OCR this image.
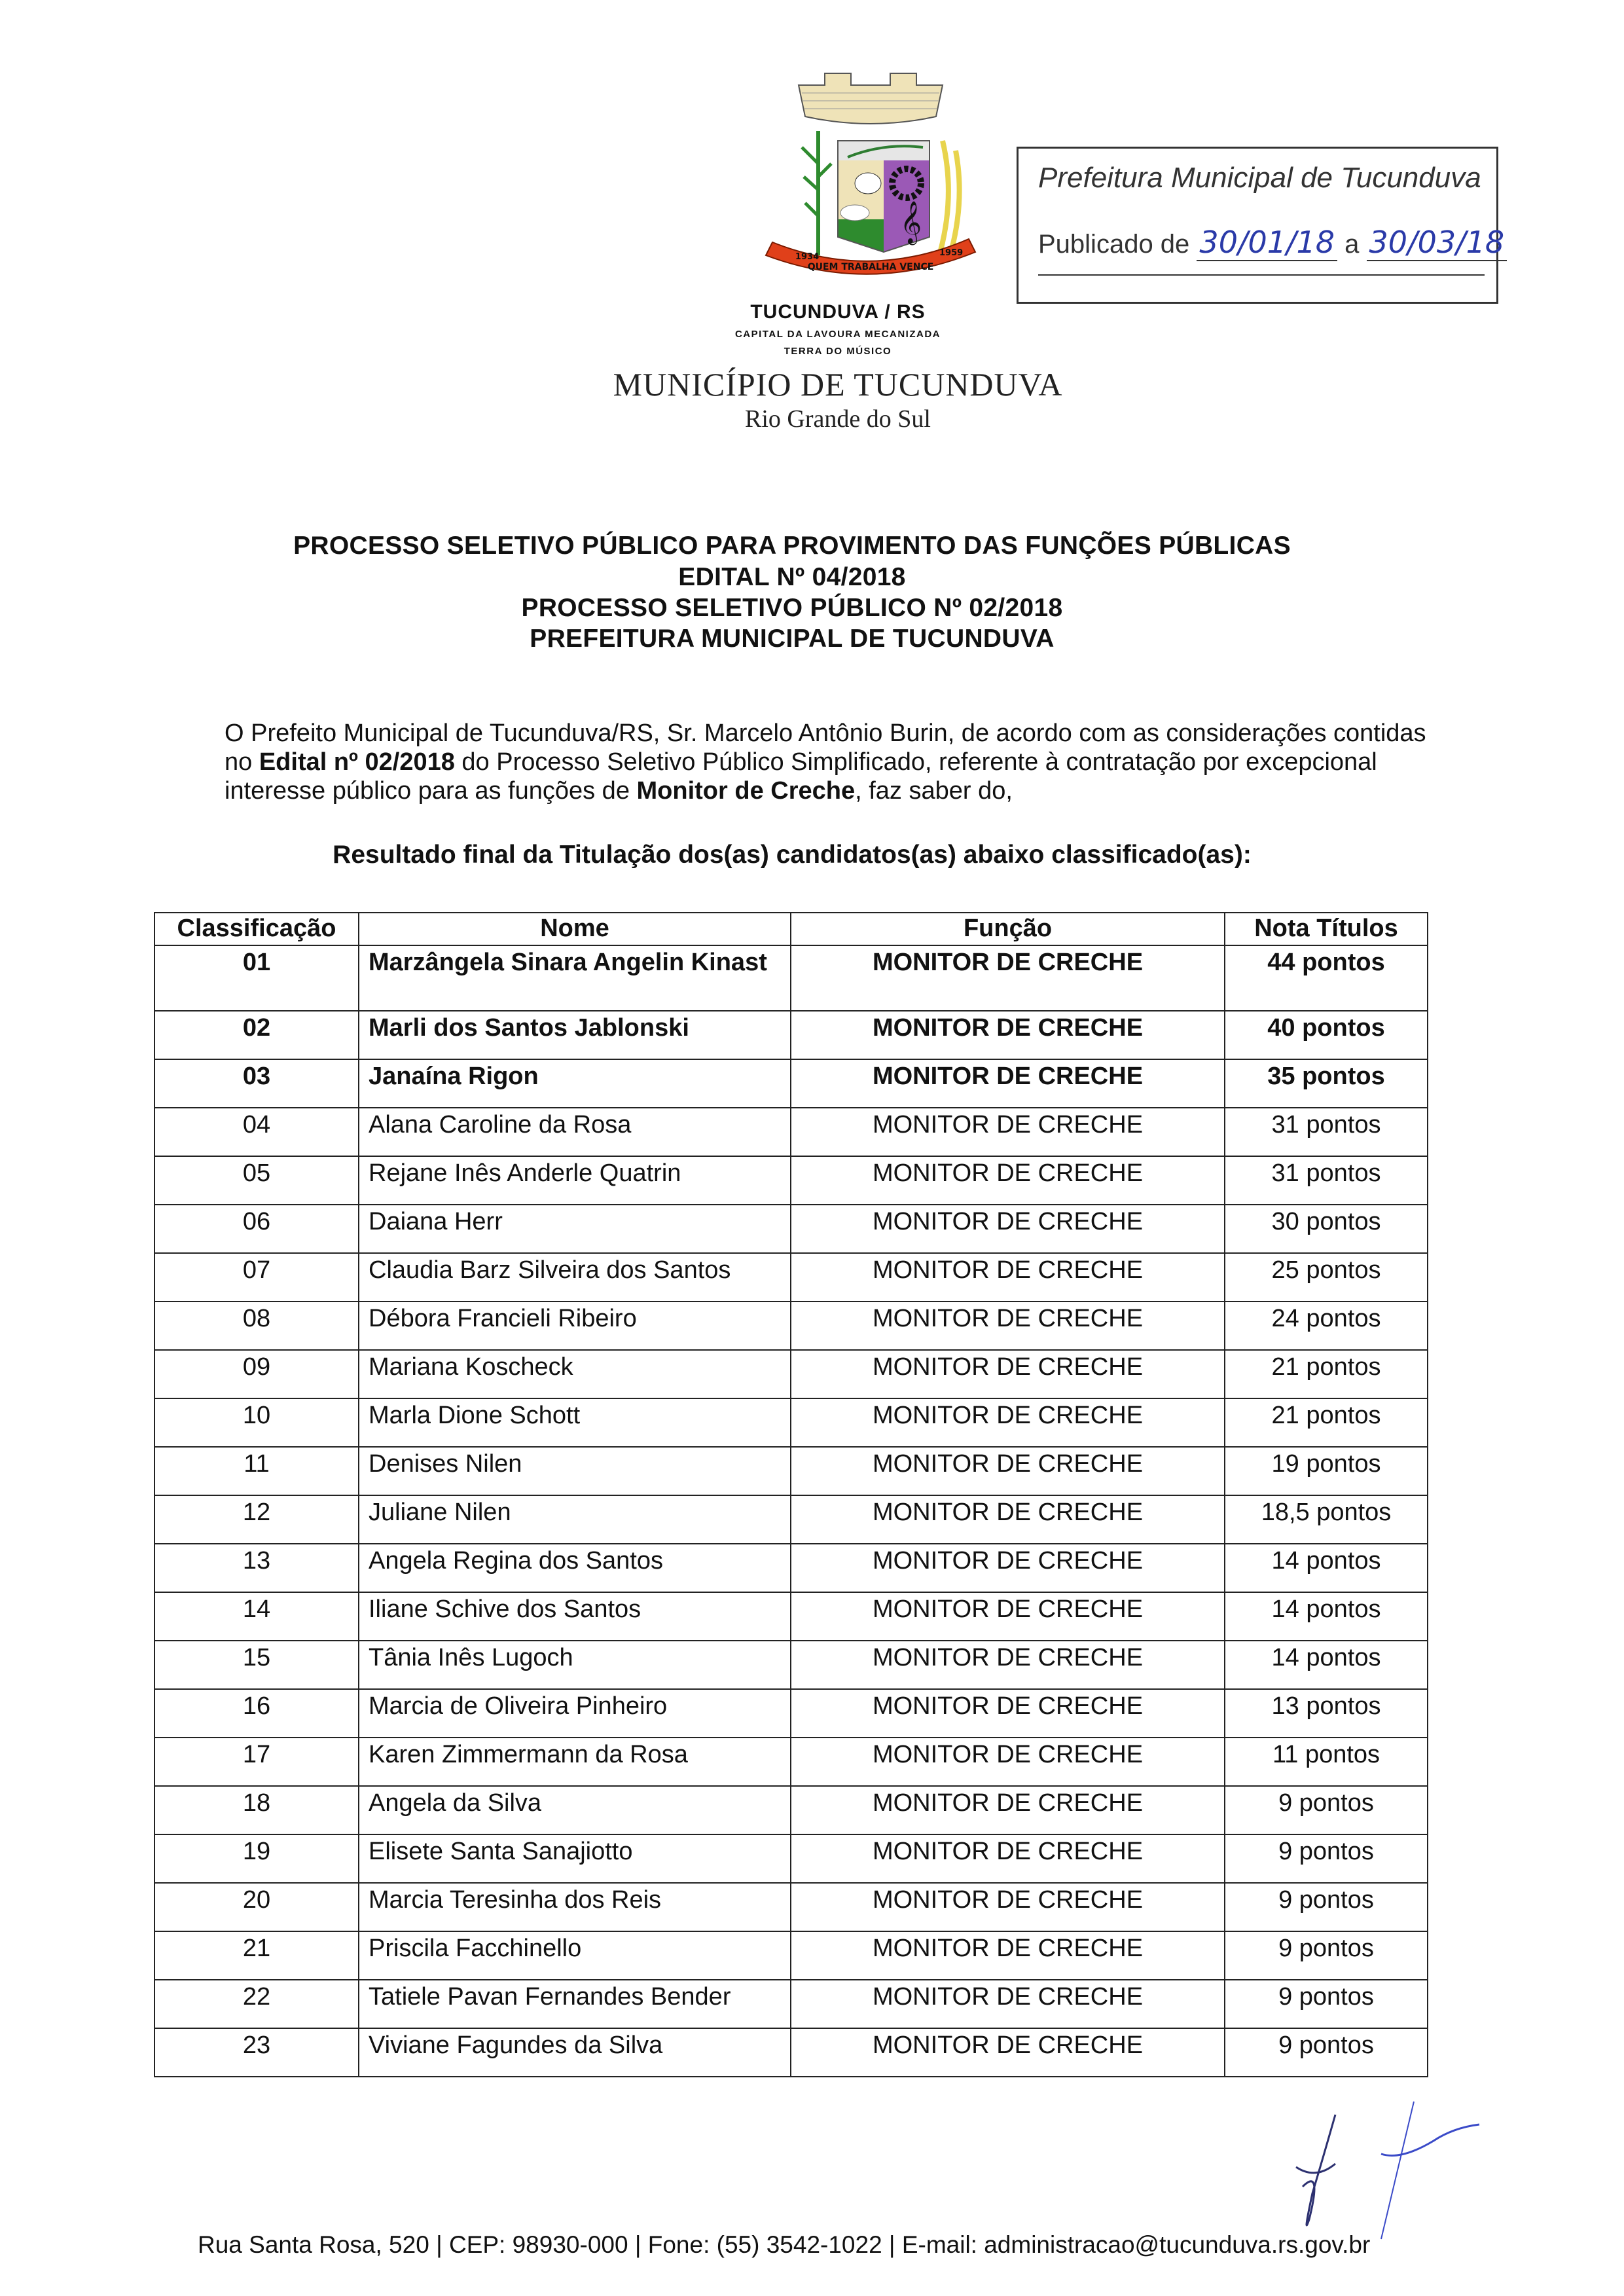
𝄞
QUEM TRABALHA VENCE
1934	1959
TUCUNDUVA / RS
CAPITAL DA LAVOURA MECANIZADA
TERRA DO MÚSICO
MUNICÍPIO DE TUCUNDUVA
Rio Grande do Sul
Prefeitura Municipal de Tucunduva
Publicado de 30/01/18 a 30/03/18
PROCESSO SELETIVO PÚBLICO PARA PROVIMENTO DAS FUNÇÕES PÚBLICAS
EDITAL Nº 04/2018
PROCESSO SELETIVO PÚBLICO Nº 02/2018
PREFEITURA MUNICIPAL DE TUCUNDUVA
O Prefeito Municipal de Tucunduva/RS, Sr. Marcelo Antônio Burin, de acordo com as considerações contidas no Edital nº 02/2018 do Processo Seletivo Público Simplificado, referente à contratação por excepcional interesse público para as funções de Monitor de Creche, faz saber do,
Resultado final da Titulação dos(as) candidatos(as) abaixo classificado(as):
Classificação	Nome	Função	Nota Títulos
01	Marzângela Sinara Angelin Kinast	MONITOR DE CRECHE	44 pontos
02	Marli dos Santos Jablonski	MONITOR DE CRECHE	40 pontos
03	Janaína Rigon	MONITOR DE CRECHE	35 pontos
04	Alana Caroline da Rosa	MONITOR DE CRECHE	31 pontos
05	Rejane Inês Anderle Quatrin	MONITOR DE CRECHE	31 pontos
06	Daiana Herr	MONITOR DE CRECHE	30 pontos
07	Claudia Barz Silveira dos Santos	MONITOR DE CRECHE	25 pontos
08	Débora Francieli Ribeiro	MONITOR DE CRECHE	24 pontos
09	Mariana Koscheck	MONITOR DE CRECHE	21 pontos
10	Marla Dione Schott	MONITOR DE CRECHE	21 pontos
11	Denises Nilen	MONITOR DE CRECHE	19 pontos
12	Juliane Nilen	MONITOR DE CRECHE	18,5 pontos
13	Angela Regina dos Santos	MONITOR DE CRECHE	14 pontos
14	Iliane Schive dos Santos	MONITOR DE CRECHE	14 pontos
15	Tânia Inês Lugoch	MONITOR DE CRECHE	14 pontos
16	Marcia de Oliveira Pinheiro	MONITOR DE CRECHE	13 pontos
17	Karen Zimmermann da Rosa	MONITOR DE CRECHE	11 pontos
18	Angela da Silva	MONITOR DE CRECHE	9 pontos
19	Elisete Santa Sanajiotto	MONITOR DE CRECHE	9 pontos
20	Marcia Teresinha dos Reis	MONITOR DE CRECHE	9 pontos
21	Priscila Facchinello	MONITOR DE CRECHE	9 pontos
22	Tatiele Pavan Fernandes Bender	MONITOR DE CRECHE	9 pontos
23	Viviane Fagundes da Silva	MONITOR DE CRECHE	9 pontos
Rua Santa Rosa, 520 | CEP: 98930-000 | Fone: (55) 3542-1022 | E-mail: administracao@tucunduva.rs.gov.br
